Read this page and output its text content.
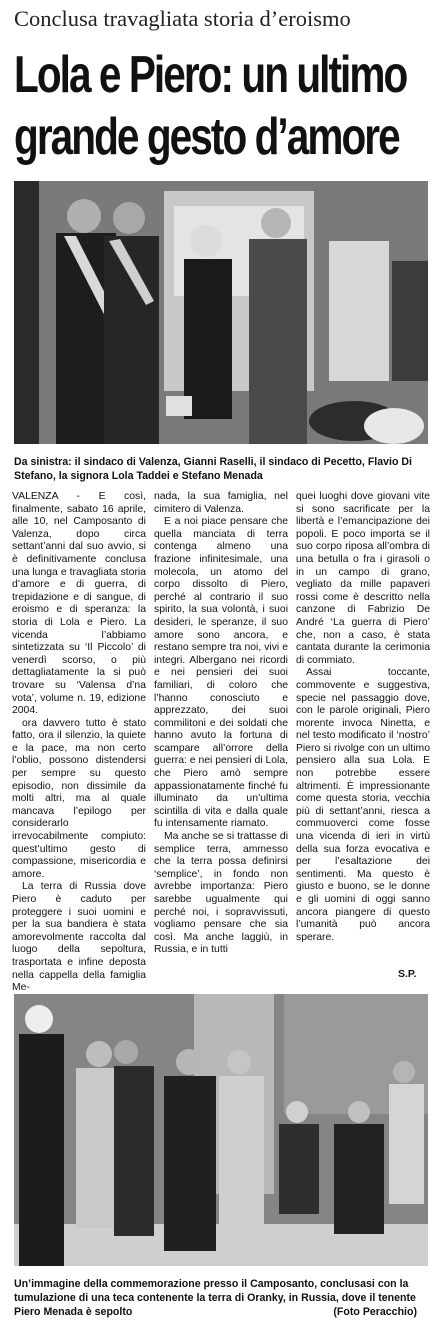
Conclusa travagliata storia d’eroismo
Lola e Piero: un ultimo
grande gesto d’amore
Da sinistra: il sindaco di Valenza, Gianni Raselli, il sindaco di Pecetto, Flavio Di Stefano, la signora Lola Taddei e Stefano Menada

VALENZA - E così, finalmente, sabato 16 aprile, alle 10, nel Camposanto di Valenza, dopo circa settant’anni dal suo avvio, si è definitivamente conclusa una lunga e travagliata storia d’amore e di guerra, di trepidazione e di sangue, di eroismo e di speranza: la storia di Lola e Piero. La vicenda l’abbiamo sintetizzata su ‘Il Piccolo’ di venerdì scorso, o più dettagliatamente la si può trovare su ‘Valensa d’na vota’, volume n. 19, edizione 2004.

ora davvero tutto è stato fatto, ora il silenzio, la quiete e la pace, ma non certo l’oblio, possono distendersi per sempre su questo episodio, non dissimile da molti altri, ma al quale mancava l’epilogo per considerarlo irrevocabilmente compiuto: quest’ultimo gesto di compassione, misericordia e amore.

La terra di Russia dove Piero è caduto per proteggere i suoi uomini e per la sua bandiera è stata amorevolmente raccolta dal luogo della sepoltura, trasportata e infine deposta nella cappella della famiglia Me-

nada, la sua famiglia, nel cimitero di Valenza.

E a noi piace pensare che quella manciata di terra contenga almeno una frazione infinitesimale, una molecola, un atomo del corpo dissolto di Piero, perché al contrario il suo spirito, la sua volontà, i suoi desideri, le speranze, il suo amore sono ancora, e restano sempre tra noi, vivi e integri. Albergano nei ricordi e nei pensieri dei suoi familiari, di coloro che l’hanno conosciuto e apprezzato, dei suoi commilitoni e dei soldati che hanno avuto la fortuna di scampare all’orrore della guerra: e nei pensieri di Lola, che Piero amò sempre appassionatamente finché fu illuminato da un’ultima scintilla di vita e dalla quale fu intensamente riamato.

Ma anche se si trattasse di semplice terra, ammesso che la terra possa definirsi ‘semplice’, in fondo non avrebbe importanza: Piero sarebbe ugualmente qui perché noi, i sopravvissuti, vogliamo pensare che sia così. Ma anche laggiù, in Russia, e in tutti

quei luoghi dove giovani vite si sono sacrificate per la libertà e l’emancipazione dei popoli. E poco importa se il suo corpo riposa all’ombra di una betulla o fra i girasoli o in un campo di grano, vegliato da mille papaveri rossi come è descritto nella canzone di Fabrizio De André ‘La guerra di Piero’ che, non a caso, è stata cantata durante la cerimonia di commiato.

Assai toccante, commovente e suggestiva, specie nel passaggio dove, con le parole originali, Piero morente invoca Ninetta, e nel testo modificato il ‘nostro’ Piero si rivolge con un ultimo pensiero alla sua Lola. E non potrebbe essere altrimenti. È impressionante come questa storia, vecchia più di settant’anni, riesca a commuoverci come fosse una vicenda di ieri in virtù della sua forza evocativa e per l’esaltazione dei sentimenti. Ma questo è giusto e buono, se le donne e gli uomini di oggi sanno ancora piangere di questo l’umanità può ancora sperare.

S.P.
Un’immagine della commemorazione presso il Camposanto, conclusasi con la tumulazione di una teca contenente la terra di Oranky, in Russia, dove il tenente Piero Menada è sepolto	(Foto Peracchio)
